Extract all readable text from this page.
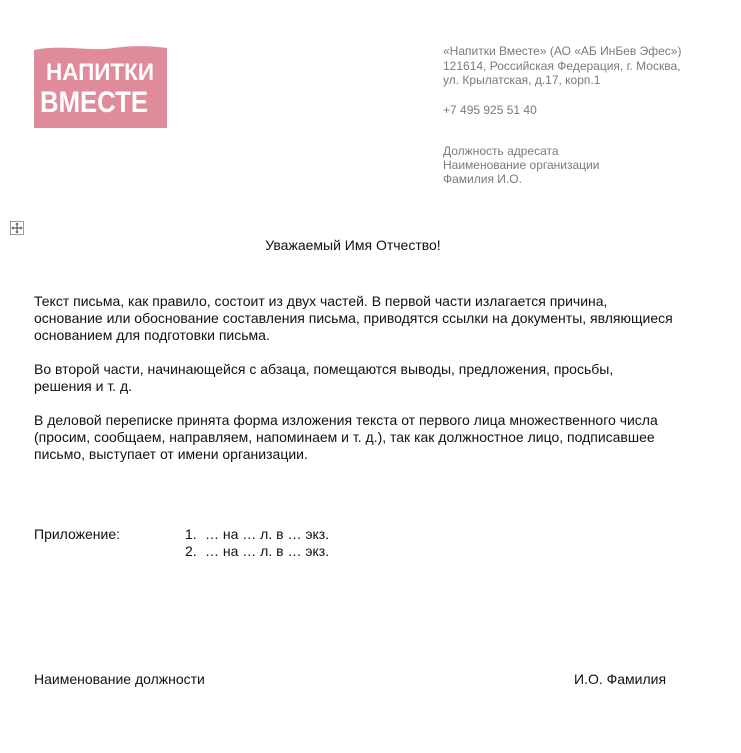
НАПИТКИ
ВМЕСТЕ
«Напитки Вместе» (АО «АБ ИнБев Эфес»)
121614, Российская Федерация, г. Москва,
ул. Крылатская, д.17, корп.1
+7 495 925 51 40
Должность адресата
Наименование организации
Фамилия И.О.
Уважаемый Имя Отчество!

Текст письма, как правило, состоит из двух частей. В первой части излагается причина, основание или обоснование составления письма, приводятся ссылки на документы, являющиеся основанием для подготовки письма.

Во второй части, начинающейся с абзаца, помещаются выводы, предложения, просьбы, решения и т. д.

В деловой переписке принята форма изложения текста от первого лица множественного числа (просим, сообщаем, направляем, напоминаем и т. д.), так как должностное лицо, подписавшее письмо, выступает от имени организации.

Приложение:	1. … на … л. в … экз.
2. … на … л. в … экз.
Наименование должности	И.О. Фамилия
